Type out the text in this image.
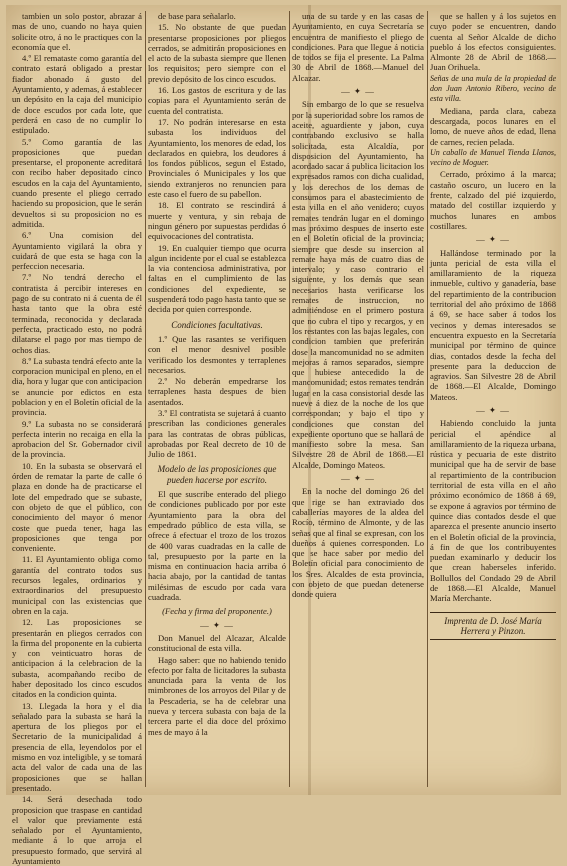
tambien un solo postor, abrazar á mas de uno, cuando no haya quien solicite otro, á no le practiques con la economía que el.

4.º El remataste como garantía del contrato estará obligado a prestar fiador abonado á gusto del Ayuntamiento, y ademas, á establecer un depósito en la caja del municipio de doce escudos por cada lote, que perderá en caso de no cumplir lo estipulado.

5.º Como garantía de las proposiciones que puedan presentarse, el proponente acreditará con recibo haber depositado cinco escudos en la caja del Ayuntamiento, cuando presente el pliego cerrado haciendo su proposicion, que le serán devueltos si su proposicion no es admitida.

6.º Una comision del Ayuntamiento vigilará la obra y cuidará de que esta se haga con la perfeccion necesaria.

7.º No tendrá derecho el contratista á percibir intereses en pago de su contrato ni á cuenta de él hasta tanto que la obra esté terminada, reconocida y declarada perfecta, practicado esto, no podrá dilatarse el pago por mas tiempo de ochos dias.

8.º La subasta tendrá efecto ante la corporacion municipal en pleno, en el dia, hora y lugar que con anticipacion se anuncie por edictos en esta poblacion y en el Boletín oficial de la provincia.

9.º La subasta no se considerará perfecta interin no recaiga en ella la aprobacion del Sr. Gobernador civil de la provincia.

10. En la subasta se observará el órden de rematar la parte de calle ó plaza en donde ha de practicarse el lote del empedrado que se subaste, con objeto de que el público, con conocimiento del mayor ó menor coste que pueda tener, haga las proposiciones que tenga por conveniente.

11. El Ayuntamiento obliga como garantía del contrato todos sus recursos legales, ordinarios y extraordinarios del presupuesto municipal con las existencias que obren en la caja.

12. Las proposiciones se presentarán en pliegos cerrados con la firma del proponente en la cubierta y con veinticuatro horas de anticipacion á la celebracion de la subasta, acompañando recibo de haber depositado los cinco escudos citados en la condicion quinta.

13. Llegada la hora y el dia señalado para la subasta se hará la apertura de los pliegos por el Secretario de la municipalidad á presencia de ella, leyendolos por el mismo en voz inteligible, y se tomará acta del valor de cada una de las proposiciones que se hallan presentado.

14. Será desechada todo proposicion que traspase en cantidad el valor que previamente está señalado por el Ayuntamiento, mediante á lo que arroja el presupuesto formado, que servirá al Ayuntamiento

de base para señalarlo.

15. No obstante de que puedan presentarse proposiciones por pliegos cerrados, se admitirán proposiciones en el acto de la subasta siempre que llenen los requisitos; pero siempre con el previo depósito de los cinco escudos.

16. Los gastos de escritura y de las copias para el Ayuntamiento serán de cuenta del contratista.

17. No podrán interesarse en esta subasta los individuos del Ayuntamiento, los menores de edad, los declarados en quiebra, los deudores á los fondos públicos, segun el Estado, Provinciales ó Municipales y los que siendo extranjeros no renuncien para este caso el fuero de su pabellon.

18. El contrato se rescindirá á muerte y ventura, y sin rebaja de ningun género por supuestas perdidas ó equivocaciones del contratista.

19. En cualquier tiempo que ocurra algun incidente por el cual se establezca la via contenciosa administrativa, por faltas en el cumplimiento de las condiciones del expediente, se suspenderá todo pago hasta tanto que se decida por quien corresponde.

Condiciones facultativas.

1.º Que las rasantes se verifiquen con el menor desnivel posible verificado los desmontes y terraplenes necesarios.

2.º No deberán empedrarse los terraplenes hasta despues de bien asentados.

3.º El contratista se sujetará á cuanto prescriban las condiciones generales para las contratas de obras públicas, aprobadas por Real decreto de 10 de Julio de 1861.

Modelo de las proposiciones que pueden hacerse por escrito.

El que suscribe enterado del pliego de condiciones publicado por por este Ayuntamiento para la obra del empedrado público de esta villa, se ofrece á efectuar el trozo de los trozos de 400 varas cuadradas en la calle de tal, presupuesto por la parte en la misma en continuacion hacia arriba ó hacia abajo, por la cantidad de tantas milésimas de escudo por cada vara cuadrada.

(Fecha y firma del proponente.)

— ✦ —

Don Manuel del Alcazar, Alcalde constitucional de esta villa.

Hago saber: que no habiendo tenido efecto por falta de licitadores la subasta anunciada para la venta de los mimbrones de los arroyos del Pilar y de la Pescaderia, se ha de celebrar una nueva y tercera subasta con baja de la tercera parte el dia doce del próximo mes de mayo á la

una de su tarde y en las casas de Ayuntamiento, en cuya Secretaría se encuentra de manifiesto el pliego de condiciones. Para que llegue á noticia de todos se fija el presente. La Palma 30 de Abril de 1868.—Manuel del Alcazar.

— ✦ —

Sin embargo de lo que se resuelva por la superioridad sobre los ramos de aceite, aguardiente y jabon, cuya contrabando exclusivo se halla solicitada, esta Alcaldía, por disposicion del Ayuntamiento, ha acordado sacar á publica licitacion los expresados ramos con dicha cualidad, y los derechos de los demas de consumos para el abastecimiento de esta villa en el año venidero; cuyos remates tendrán lugar en el domingo mas próximo despues de inserto este en el Boletín oficial de la provincia; siempre que desde su insercion al remate haya más de cuatro dias de intervalo; y caso contrario el siguiente, y los demás que sean necesarios hasta verificarse los remates de instruccion, no admitiéndose en el primero postura que no cubra el tipo y recargos, y en los restantes con las bajas legales, con condicion tambien que preferirán dose la mancomunidad no se admiten mejoras á ramos separados, siempre que hubiese antecedido la de mancomunidad; estos remates tendrán lugar en la casa consistorial desde las nueve á diez de la noche de los que correspondan; y bajo el tipo y condiciones que constan del expediente oportuno que se hallará de manifiesto sobre la mesa. San Silvestre 28 de Abril de 1868.—El Alcalde, Domingo Mateos.

— ✦ —

En la noche del domingo 26 del que rige se han extraviado dos caballerías mayores de la aldea del Rocío, término de Almonte, y de las señas que al final se expresan, con los dueños á quienes corresponden. Lo que se hace saber por medio del Boletín oficial para conocimiento de los Sres. Alcaldes de esta provincia, con objeto de que puedan detenerse donde quiera

que se hallen y á los sujetos en cuyo poder se encuentren, dando cuenta al Señor Alcalde de dicho pueblo á los efectos consiguientes. Almonte 28 de Abril de 1868.—Juan Orihuela.

Señas de una mula de la propiedad de don Juan Antonio Ribero, vecino de esta villa.

Mediana, parda clara, cabeza descargada, pocos lunares en el lomo, de nueve años de edad, llena de carnes, recien pelada.

Un caballo de Manuel Tienda Llanos, vecino de Moguer.

Cerrado, próximo á la marca; castaño oscuro, un lucero en la frente, calzado del pié izquierdo, matado del costillar izquierdo y muchos lunares en ambos costillares.

— ✦ —

Hallándose terminado por la junta pericial de esta villa el amillaramiento de la riqueza inmueble, cultivo y ganadería, base del repartimiento de la contribucion territorial del año próximo de 1868 á 69, se hace saber á todos los vecinos y demas interesados se encuentra expuesto en la Secretaría municipal por término de quince dias, contados desde la fecha del presente para la deduccion de agravios. San Silvestre 28 de Abril de 1868.—El Alcalde, Domingo Mateos.

— ✦ —

Habiendo concluido la junta pericial el apéndice al amillaramiento de la riqueza urbana, rústica y pecuaria de este distrito municipal que ha de servir de base al repartimiento de la contribucion territorial de esta villa en el año próximo económico de 1868 á 69, se expone á agravios por término de quince dias contados desde el que aparezca el presente anuncio inserto en el Boletín oficial de la provincia, á fin de que los contribuyentes puedan examinarlo y deducir los que crean haberseles inferido. Bollullos del Condado 29 de Abril de 1868.—El Alcalde, Manuel María Merchante.

Imprenta de D. José María Herrera y Pinzon.
